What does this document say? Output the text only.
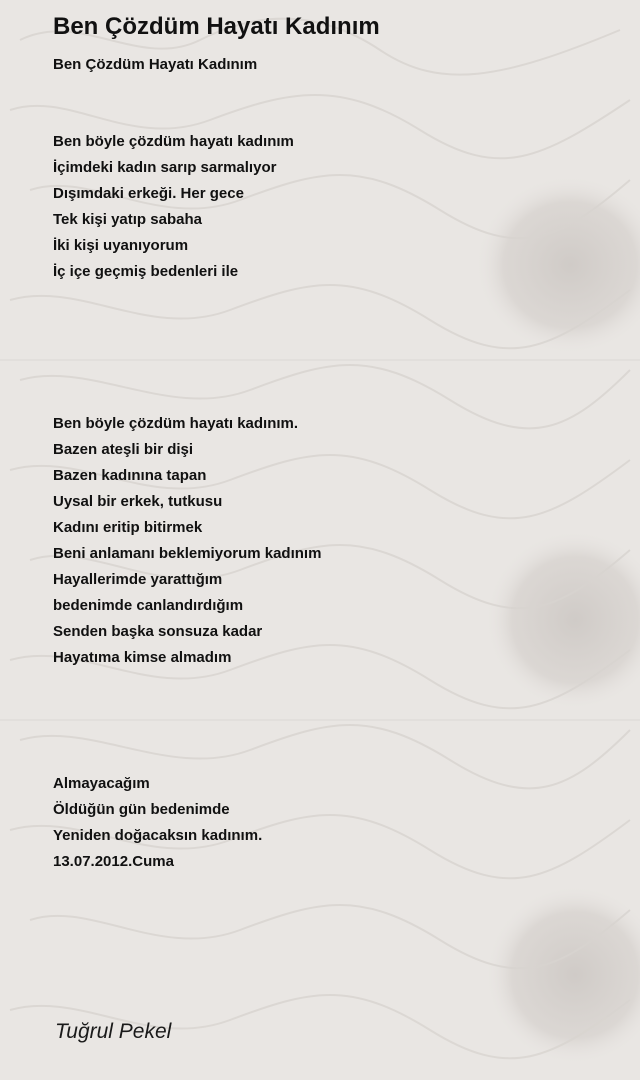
Ben Çözdüm Hayatı Kadınım
Ben Çözdüm Hayatı Kadınım
Ben böyle çözdüm hayatı kadınım
İçimdeki kadın sarıp sarmalıyor
Dışımdaki erkeği. Her gece
Tek kişi yatıp sabaha
İki kişi uyanıyorum
İç içe geçmiş bedenleri ile
Ben böyle çözdüm hayatı kadınım.
Bazen ateşli bir dişi
Bazen kadınına tapan
Uysal bir erkek, tutkusu
Kadını eritip bitirmek
Beni anlamanı beklemiyorum kadınım
Hayallerimde yarattığım
bedenimde canlandırdığım
Senden başka sonsuza kadar
Hayatıma kimse almadım
Almayacağım
Öldüğün gün bedenimde
Yeniden doğacaksın kadınım.
13.07.2012.Cuma

Tuğrul Pekel
